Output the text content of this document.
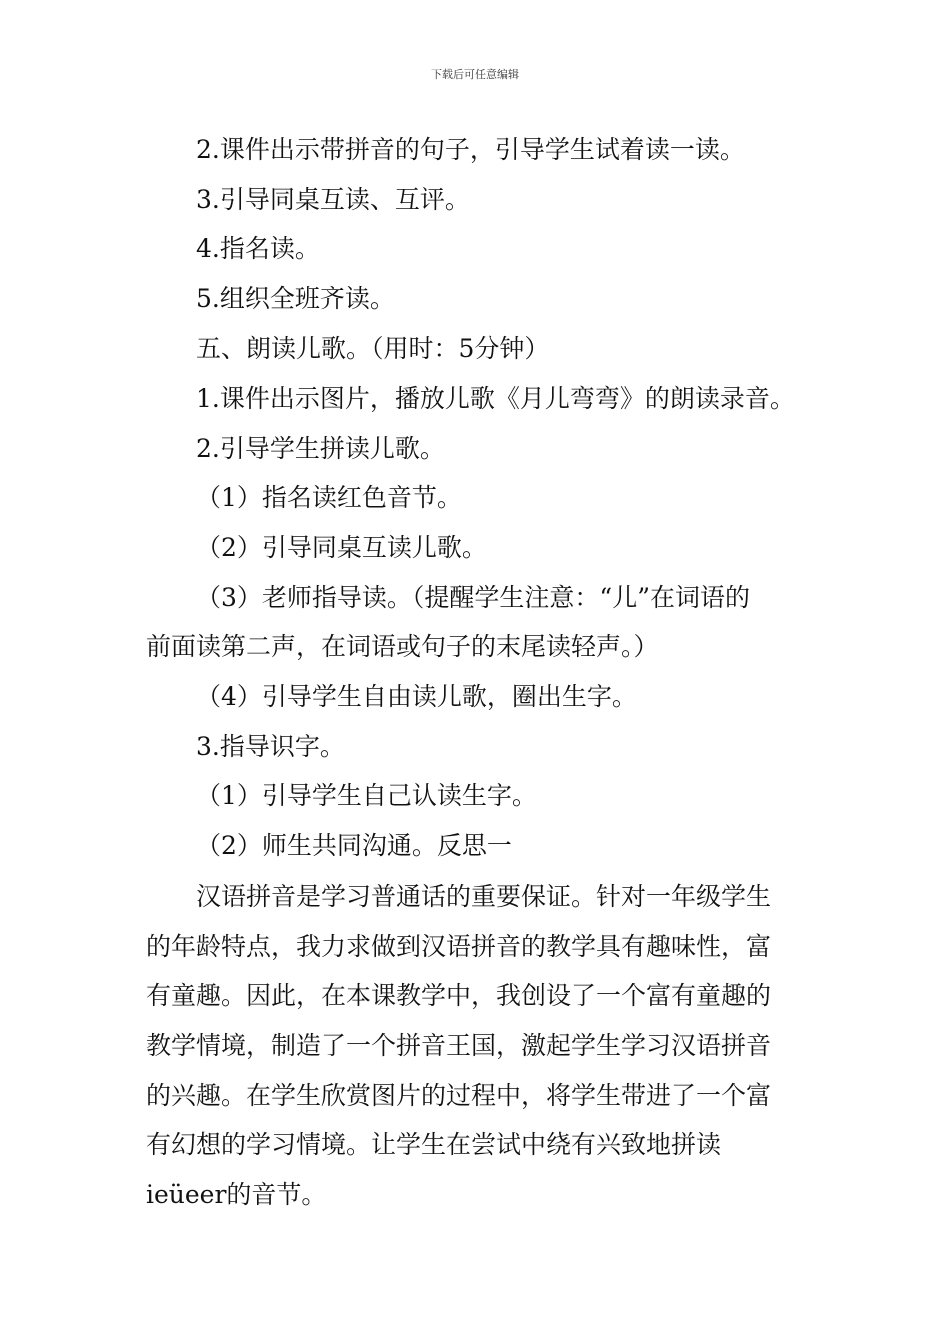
下载后可任意编辑
2.课件出示带拼音的句子，引导学生试着读一读。
3.引导同桌互读、互评。
4.指名读。
5.组织全班齐读。
五、朗读儿歌。（用时：5分钟）
1.课件出示图片，播放儿歌《月儿弯弯》的朗读录音。
2.引导学生拼读儿歌。
（1）指名读红色音节。
（2）引导同桌互读儿歌。
（3）老师指导读。（提醒学生注意：“儿”在词语的
前面读第二声，在词语或句子的末尾读轻声。）
（4）引导学生自由读儿歌，圈出生字。
3.指导识字。
（1）引导学生自己认读生字。
（2）师生共同沟通。反思一
汉语拼音是学习普通话的重要保证。针对一年级学生
的年龄特点，我力求做到汉语拼音的教学具有趣味性，富
有童趣。因此，在本课教学中，我创设了一个富有童趣的
教学情境，制造了一个拼音王国，激起学生学习汉语拼音
的兴趣。在学生欣赏图片的过程中，将学生带进了一个富
有幻想的学习情境。让学生在尝试中绕有兴致地拼读
ieüeer的音节。
